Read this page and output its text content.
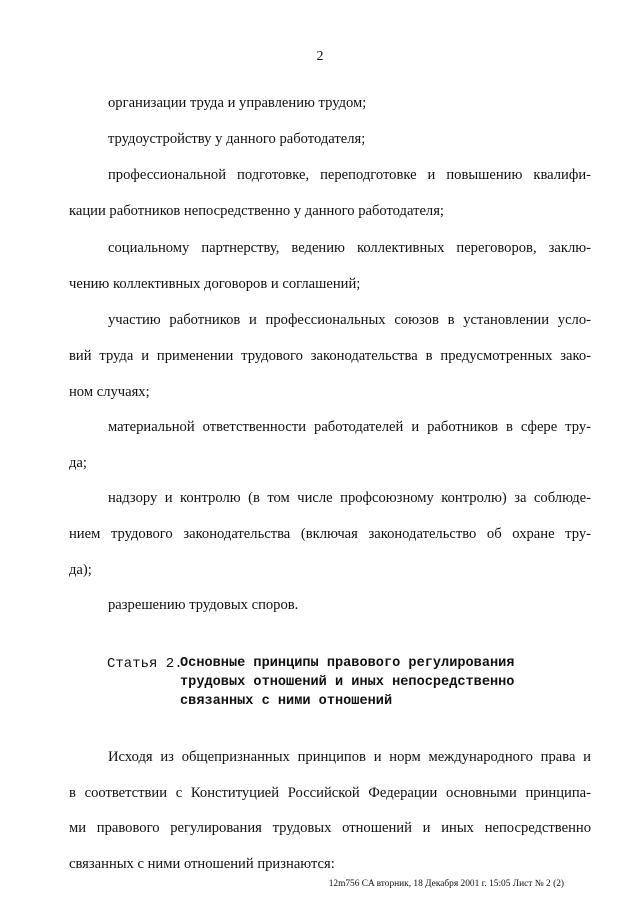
2
организации труда и управлению трудом;
трудоустройству у данного работодателя;
профессиональной подготовке, переподготовке и повышению квалифи-
кации работников непосредственно у данного работодателя;
социальному партнерству, ведению коллективных переговоров, заклю-
чению коллективных договоров и соглашений;
участию работников и профессиональных союзов в установлении усло-
вий труда и применении трудового законодательства в предусмотренных зако-
ном случаях;
материальной ответственности работодателей и работников в сфере тру-
да;
надзору и контролю (в том числе профсоюзному контролю) за соблюде-
нием трудового законодательства (включая законодательство об охране тру-
да);
разрешению трудовых споров.
Статья 2.
Основные принципы правового регулирования
трудовых отношений и иных непосредственно
связанных с ними отношений
Исходя из общепризнанных принципов и норм международного права и
в соответствии с Конституцией Российской Федерации основными принципа-
ми правового регулирования трудовых отношений и иных непосредственно
связанных с ними отношений признаются:
12m756 CA вторник, 18 Декабря 2001 г. 15:05 Лист № 2 (2)
